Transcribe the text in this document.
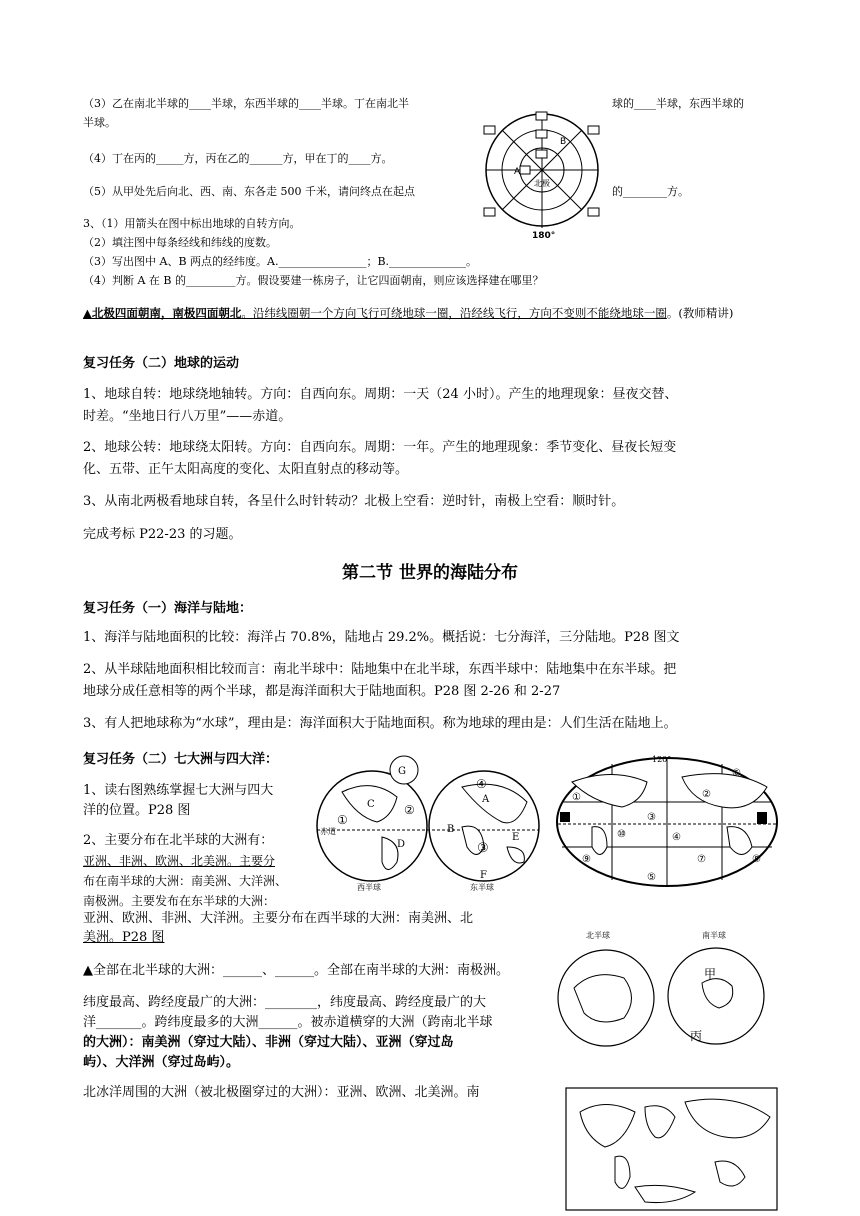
（3）乙在南北半球的____半球，东西半球的____半球。丁在南北半	球的____半球，东西半球的
半球。
（4）丁在丙的_____方，丙在乙的______方，甲在丁的____方。
（5）从甲处先后向北、西、南、东各走 500 千米，请问终点在起点	的________方。
3、（1）用箭头在图中标出地球的自转方向。
（2）填注图中每条经线和纬线的度数。
（3）写出图中 A、B 两点的经纬度。A.________________；B.______________。
（4）判断 A 在 B 的_________方。假设要建一栋房子，让它四面朝南，则应该选择建在哪里？
B
A
北极
180°
▲北极四面朝南，南极四面朝北。沿纬线圈朝一个方向飞行可绕地球一圈，沿经线飞行，方向不变则不能绕地球一圈。(教师精讲)
复习任务（二）地球的运动
1、地球自转：地球绕地轴转。方向：自西向东。周期：一天（24 小时）。产生的地理现象：昼夜交替、
时差。“坐地日行八万里”——赤道。
2、地球公转：地球绕太阳转。方向：自西向东。周期：一年。产生的地理现象：季节变化、昼夜长短变
化、五带、正午太阳高度的变化、太阳直射点的移动等。
3、从南北两极看地球自转，各呈什么时针转动？北极上空看：逆时针，南极上空看：顺时针。
完成考标 P22-23 的习题。
第二节 世界的海陆分布
复习任务（一）海洋与陆地：
1、海洋与陆地面积的比较：海洋占 70.8%，陆地占 29.2%。概括说：七分海洋，三分陆地。P28 图文
2、从半球陆地面积相比较而言：南北半球中：陆地集中在北半球，东西半球中：陆地集中在东半球。把
地球分成任意相等的两个半球，都是海洋面积大于陆地面积。P28 图 2-26 和 2-27
3、有人把地球称为“水球”，理由是：海洋面积大于陆地面积。称为地球的理由是：人们生活在陆地上。
复习任务（二）七大洲与四大洋：
1、读右图熟练掌握七大洲与四大
洋的位置。P28 图
2、主要分布在北半球的大洲有：
亚洲、非洲、欧洲、北美洲。主要分
布在南半球的大洲：南美洲、大洋洲、
南极洲。主要发布在东半球的大洲：
亚洲、欧洲、非洲、大洋洲。主要分布在西半球的大洲：南美洲、北
美洲。P28 图
▲全部在北半球的大洲：______、______。全部在南半球的大洲：南极洲。
纬度最高、跨经度最广的大洲：________，纬度最高、跨经度最广的大
洋_______。跨纬度最多的大洲______。被赤道横穿的大洲（跨南北半球
的大洲）：南美洲（穿过大陆）、非洲（穿过大陆）、亚洲（穿过岛
屿）、大洋洲（穿过岛屿）。
北冰洋周围的大洲（被北极圈穿过的大洲）：亚洲、欧洲、北美洲。南
G
C
①
②
D
A
B
③
④
E
F
赤道
西半球	东半球
120°
①	②
③
④
⑤
⑥
⑦	⑧
⑨
⑩
北半球	南半球
甲
丙
